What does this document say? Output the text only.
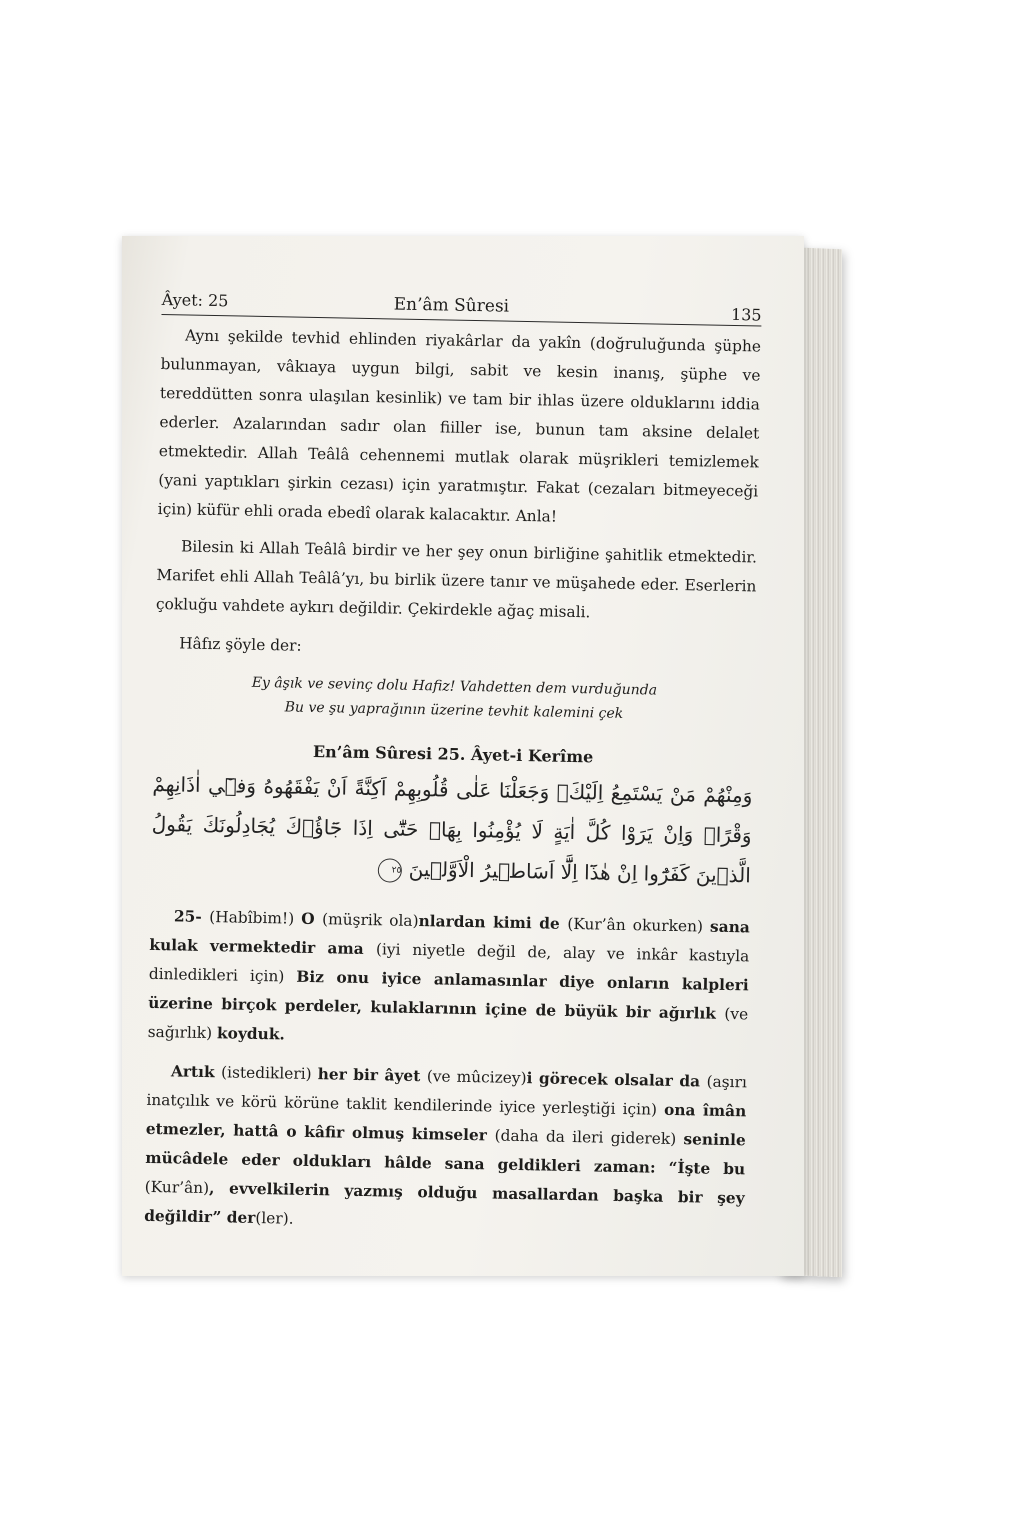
Âyet: 25	En’âm Sûresi	135

Aynı şekilde tevhid ehlinden riyakârlar da yakîn (doğruluğunda şüphe bulunmayan, vâkıaya uygun bilgi, sabit ve kesin inanış, şüphe ve tereddütten sonra ulaşılan kesinlik) ve tam bir ihlas üzere olduklarını iddia ederler. Azalarından sadır olan fiiller ise, bunun tam aksine delalet etmektedir. Allah Teâlâ cehennemi mutlak olarak müşrikleri temizlemek (yani yaptıkları şirkin cezası) için yaratmıştır. Fakat (cezaları bitmeyeceği için) küfür ehli orada ebedî olarak kalacaktır. Anla!

Bilesin ki Allah Teâlâ birdir ve her şey onun birliğine şahitlik etmektedir. Marifet ehli Allah Teâlâ’yı, bu birlik üzere tanır ve müşahede eder. Eserlerin çokluğu vahdete aykırı değildir. Çekirdekle ağaç misali.

Hâfız şöyle der:
Ey âşık ve sevinç dolu Hafiz! Vahdetten dem vurduğunda
Bu ve şu yaprağının üzerine tevhit kalemini çek
En’âm Sûresi 25. Âyet-i Kerîme
وَمِنْهُمْ مَنْ يَسْتَمِعُ اِلَيْكَۚ وَجَعَلْنَا عَلٰى قُلُوبِهِمْ اَكِنَّةً اَنْ يَفْقَهُوهُ وَف۪ٓي اٰذَانِهِمْ وَقْرًاۜ وَاِنْ يَرَوْا كُلَّ اٰيَةٍ لَا يُؤْمِنُوا بِهَاۜ حَتّٰٓى اِذَا جَٓاؤُ۫كَ يُجَادِلُونَكَ يَقُولُ الَّذ۪ينَ كَفَرُٓوا اِنْ هٰذَٓا اِلَّٓا اَسَاط۪يرُ الْاَوَّل۪ينَ ٢٥

25- (Habîbim!) O (müşrik ola)nlardan kimi de (Kur’ân okurken) sana kulak vermektedir ama (iyi niyetle değil de, alay ve inkâr kastıyla dinledikleri için) Biz onu iyice anlamasınlar diye onların kalpleri üzerine birçok perdeler, kulaklarının içine de büyük bir ağırlık (ve sağırlık) koyduk.

Artık (istedikleri) her bir âyet (ve mûcizey)i görecek olsalar da (aşırı inatçılık ve körü körüne taklit kendilerinde iyice yerleştiği için) ona îmân etmezler, hattâ o kâfir olmuş kimseler (daha da ileri giderek) seninle mücâdele eder oldukları hâlde sana geldikleri zaman: “İşte bu (Kur’ân), evvelkilerin yazmış olduğu masallardan başka bir şey değildir” der(ler).
